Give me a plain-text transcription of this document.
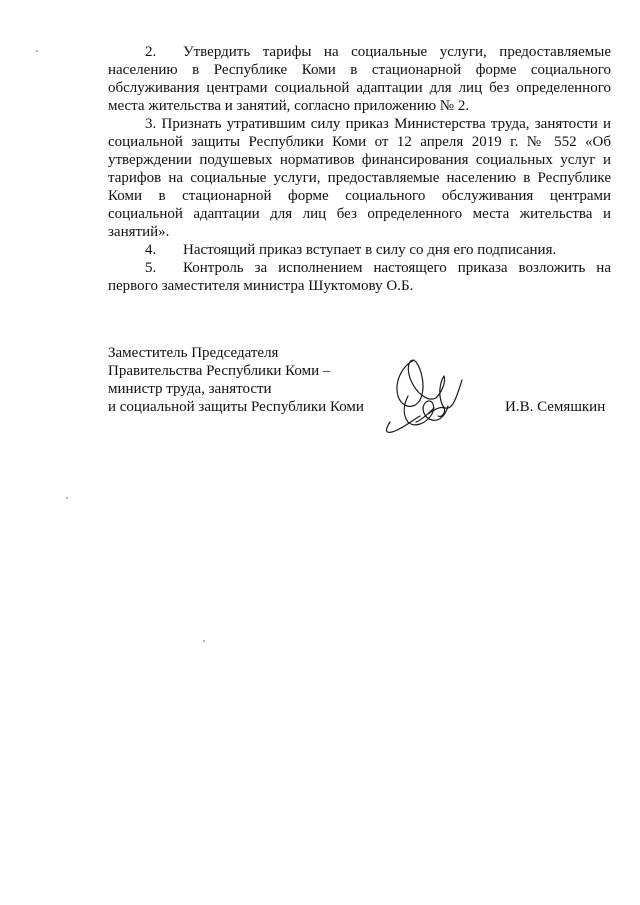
2. Утвердить тарифы на социальные услуги, предоставляемые населению в Республике Коми в стационарной форме социального обслуживания центрами социальной адаптации для лиц без определенного места жительства и занятий, согласно приложению № 2.

3. Признать утратившим силу приказ Министерства труда, занятости и социальной защиты Республики Коми от 12 апреля 2019 г. № 552 «Об утверждении подушевых нормативов финансирования социальных услуг и тарифов на социальные услуги, предоставляемые населению в Республике Коми в стационарной форме социального обслуживания центрами социальной адаптации для лиц без определенного места жительства и занятий».

4. Настоящий приказ вступает в силу со дня его подписания.

5. Контроль за исполнением настоящего приказа возложить на первого заместителя министра Шуктомову О.Б.

Заместитель Председателя
Правительства Республики Коми –
министр труда, занятости
и социальной защиты Республики Коми	И.В. Семяшкин
